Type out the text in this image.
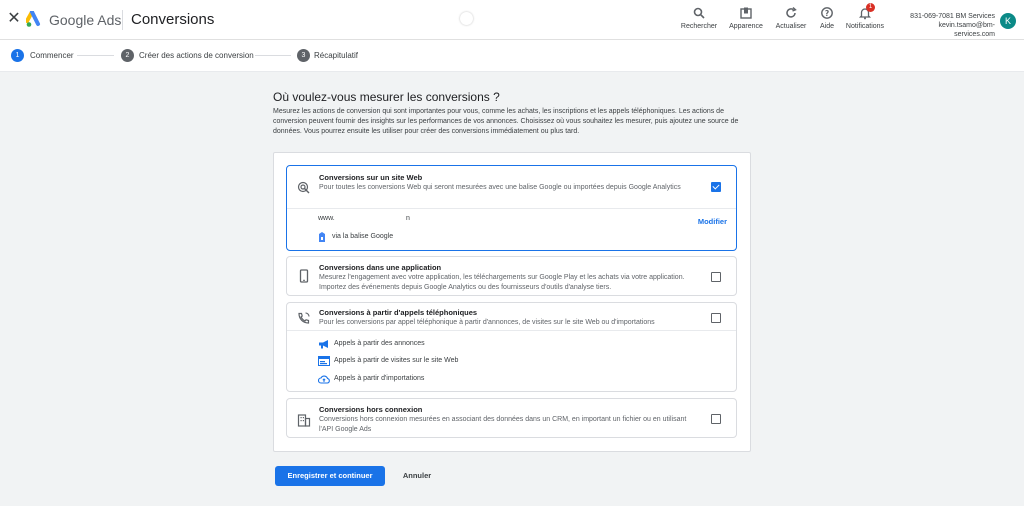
✕ Google Ads Conversions	Rechercher Apparence	Actualiser
?
Aide
1
Notifications
831-069-7081 BM Services
kevin.tsamo@bm-services.com
K
1	Commencer	2	Créer des actions de conversion	3	Récapitulatif
Où voulez-vous mesurer les conversions ?
Mesurez les actions de conversion qui sont importantes pour vous, comme les achats, les inscriptions et les appels téléphoniques. Les actions de conversion peuvent fournir des insights sur les performances de vos annonces. Choisissez où vous souhaitez les mesurer, puis ajoutez une source de données. Vous pourrez ensuite les utiliser pour créer des conversions immédiatement ou plus tard.
Conversions sur un site Web
Pour toutes les conversions Web qui seront mesurées avec une balise Google ou importées depuis Google Analytics
www.	n	Modifier
via la balise Google
Conversions dans une application
Mesurez l'engagement avec votre application, les téléchargements sur Google Play et les achats via votre application. Importez des événements depuis Google Analytics ou des fournisseurs d'outils d'analyse tiers.
Conversions à partir d'appels téléphoniques
Pour les conversions par appel téléphonique à partir d'annonces, de visites sur le site Web ou d'importations
Appels à partir des annonces
Appels à partir de visites sur le site Web
Appels à partir d'importations
Conversions hors connexion
Conversions hors connexion mesurées en associant des données dans un CRM, en important un fichier ou en utilisant l'API Google Ads
Enregistrer et continuer	Annuler
